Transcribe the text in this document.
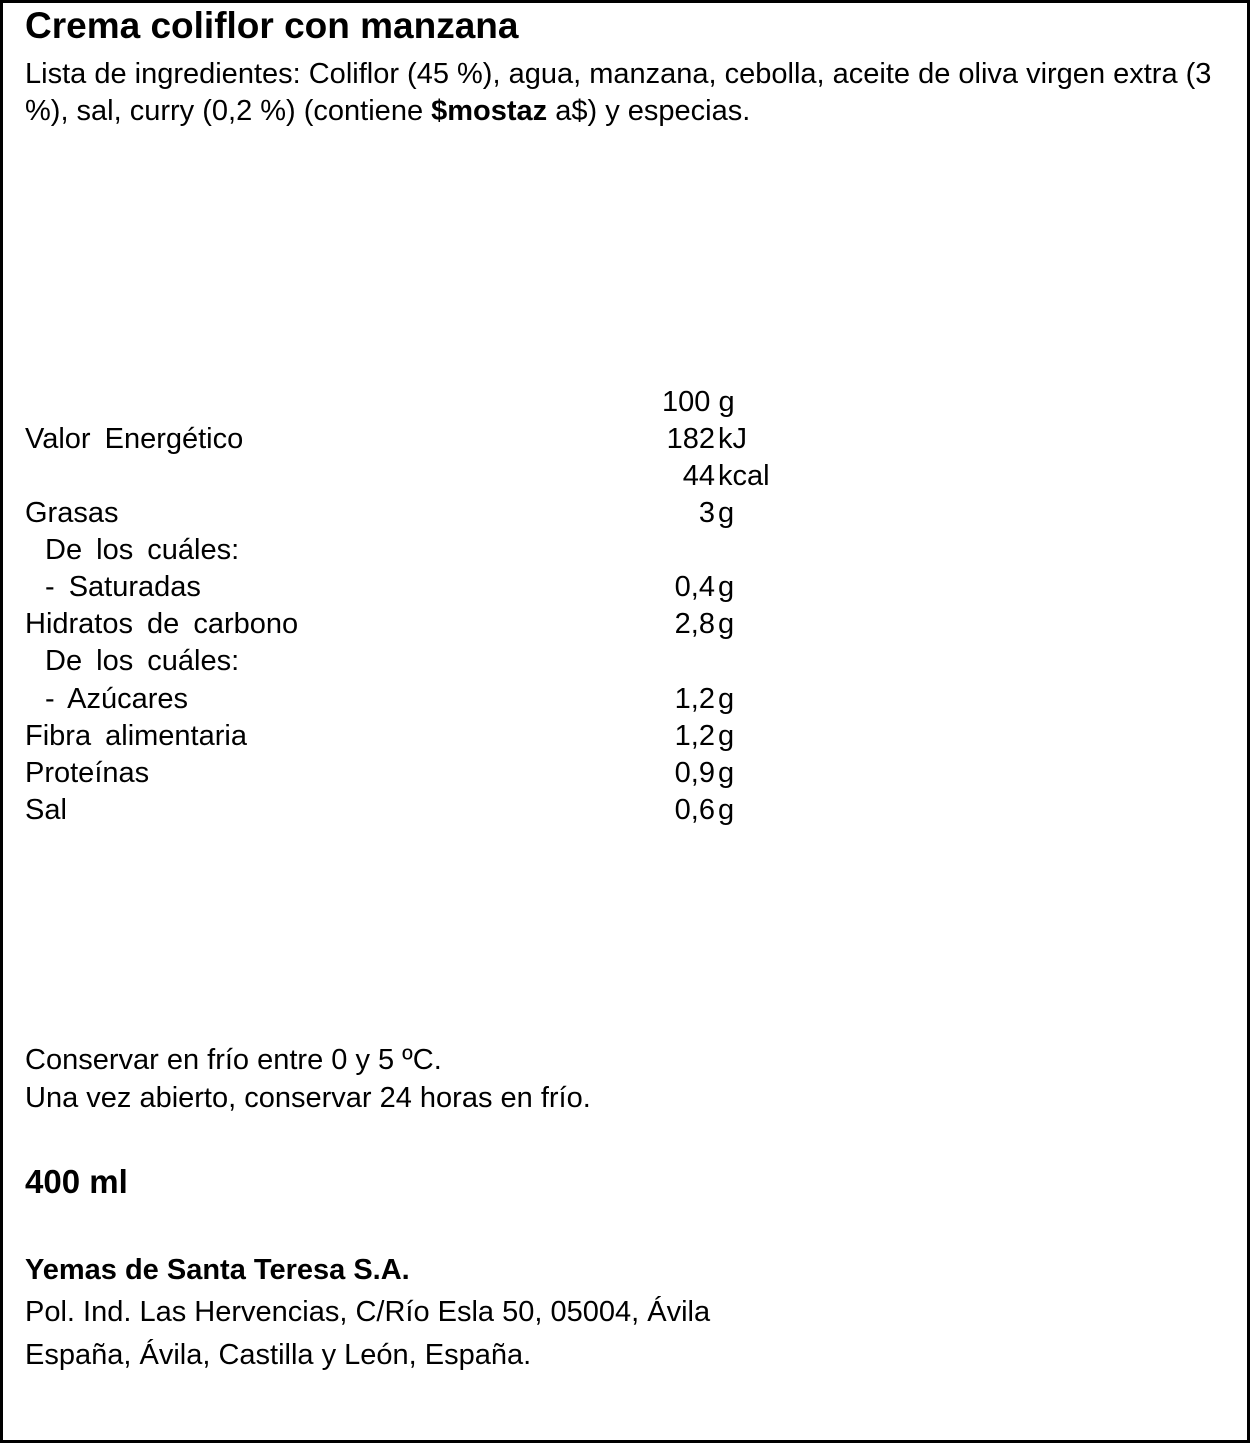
Crema coliflor con manzana
Lista de ingredientes: Coliflor (45 %), agua, manzana, cebolla, aceite de oliva virgen extra (3 %), sal, curry (0,2 %) (contiene $mostaz a$) y especias.
100 g
Valor Energético	182 kJ
44 kcal
Grasas	3 g
De los cuáles:
- Saturadas	0,4 g
Hidratos de carbono	2,8 g
De los cuáles:
- Azúcares	1,2 g
Fibra alimentaria	1,2 g
Proteínas	0,9 g
Sal	0,6 g
Conservar en frío entre 0 y 5 ºC.
Una vez abierto, conservar 24 horas en frío.
400 ml
Yemas de Santa Teresa S.A.
Pol. Ind. Las Hervencias, C/Río Esla 50, 05004, Ávila
España, Ávila, Castilla y León, España.
